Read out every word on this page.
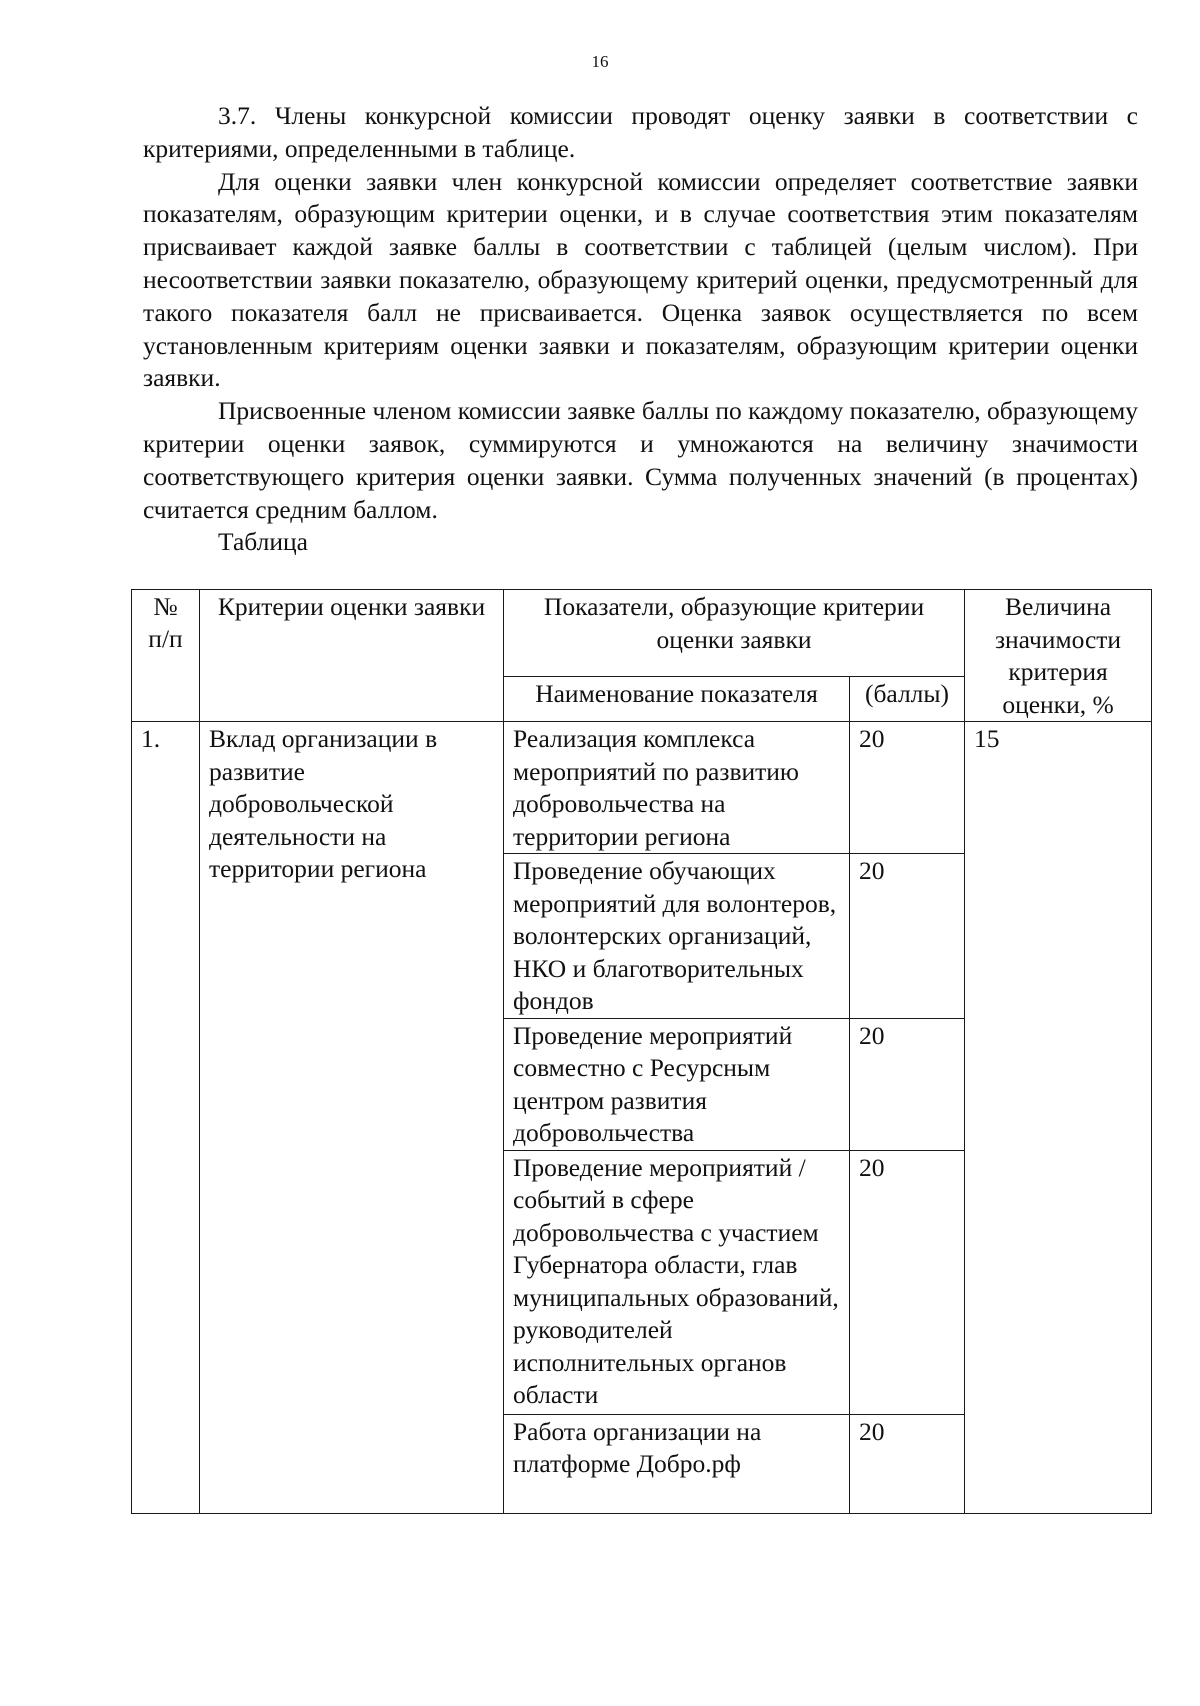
16

3.7. Члены конкурсной комиссии проводят оценку заявки в соответствии с критериями, определенными в таблице.

Для оценки заявки член конкурсной комиссии определяет соответствие заявки показателям, образующим критерии оценки, и в случае соответствия этим показателям присваивает каждой заявке баллы в соответствии с таблицей (целым числом). При несоответствии заявки показателю, образующему критерий оценки, предусмотренный для такого показателя балл не присваивается. Оценка заявок осуществляется по всем установленным критериям оценки заявки и показателям, образующим критерии оценки заявки.

Присвоенные членом комиссии заявке баллы по каждому показателю, образующему критерии оценки заявок, суммируются и умножаются на величину значимости соответствующего критерия оценки заявки. Сумма полученных значений (в процентах) считается средним баллом.

Таблица

№ п/п	Критерии оценки заявки	Показатели, образующие критерии оценки заявки		Величина значимости критерия оценки, %
		Наименование показателя	(баллы)	
1.	Вклад организации в развитие добровольческой деятельности на территории региона	Реализация комплекса мероприятий по развитию добровольчества на территории региона	20	15
		Проведение обучающих мероприятий для волонтеров, волонтерских организаций, НКО и благотворительных фондов	20	
		Проведение мероприятий совместно с Ресурсным центром развития добровольчества	20	
		Проведение мероприятий / событий в сфере добровольчества с участием Губернатора области, глав муниципальных образований, руководителей исполнительных органов области	20	
		Работа организации на платформе Добро.рф	20	
